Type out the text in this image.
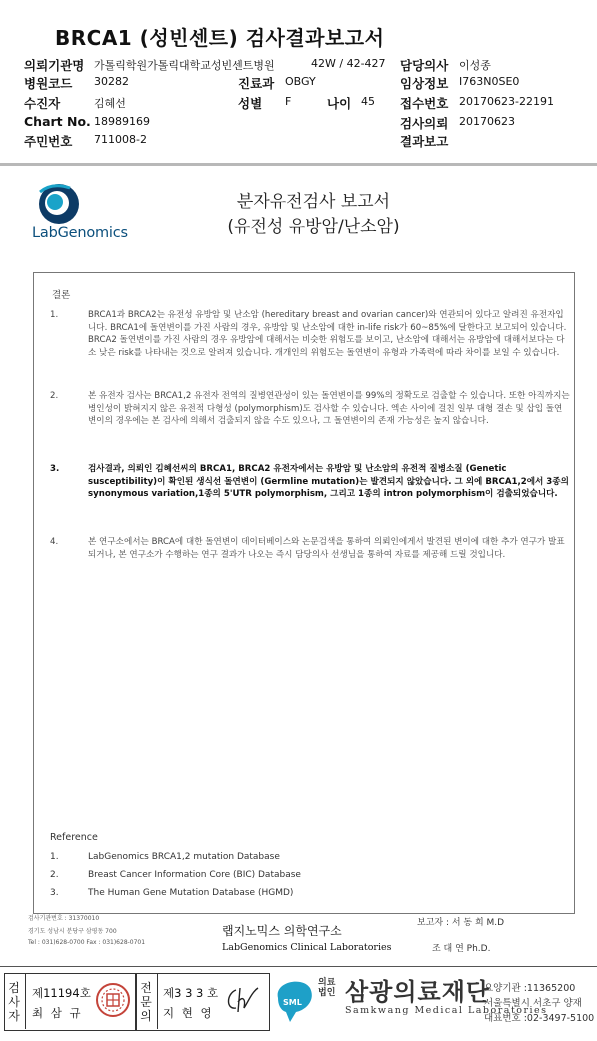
BRCA1 (성빈센트) 검사결과보고서
의뢰기관명 가톨릭학원가톨릭대학교성빈센트병원	42W / 42-427 담당의사 이성종
병원코드 30282	진료과 OBGY	임상정보 I763N0SE0
수진자	김혜선	성별 F	나이 45 접수번호 20170623-22191
Chart No. 18989169	검사의뢰 20170623
주민번호 711008-2	결과보고
LabGenomics
분자유전검사 보고서
(유전성 유방암/난소암)
결론
1.	BRCA1과 BRCA2는 유전성 유방암 및 난소암 (hereditary breast and ovarian cancer)와 연관되어 있다고 알려진 유전자입니다. BRCA1에 돌연변이를 가진 사람의 경우, 유방암 및 난소암에 대한 in-life risk가 60~85%에 달한다고 보고되어 있습니다. BRCA2 돌연변이를 가진 사람의 경우 유방암에 대해서는 비슷한 위험도를 보이고, 난소암에 대해서는 유방암에 대해서보다는 다소 낮은 risk를 나타내는 것으로 알려져 있습니다. 개개인의 위험도는 돌연변이 유형과 가족력에 따라 차이를 보일 수 있습니다.
2.	본 유전자 검사는 BRCA1,2 유전자 전역의 질병연관성이 있는 돌연변이를 99%의 정확도로 검출할 수 있습니다. 또한 아직까지는 병인성이 밝혀지지 않은 유전적 다형성 (polymorphism)도 검사할 수 있습니다. 엑손 사이에 걸친 일부 대형 결손 및 삽입 돌연변이의 경우에는 본 검사에 의해서 검출되지 않을 수도 있으나, 그 돌연변이의 존재 가능성은 높지 않습니다.
3.	검사결과, 의뢰인 김혜선씨의 BRCA1, BRCA2 유전자에서는 유방암 및 난소암의 유전적 질병소질 (Genetic susceptibility)이 확인된 생식선 돌연변이 (Germline mutation)는 발견되지 않았습니다. 그 외에 BRCA1,2에서 3종의 synonymous variation,1종의 5'UTR polymorphism, 그리고 1종의 intron polymorphism이 검출되었습니다.
4.	본 연구소에서는 BRCA에 대한 돌연변이 데이터베이스와 논문검색을 통하여 의뢰인에게서 발견된 변이에 대한 추가 연구가 발표되거나, 본 연구소가 수행하는 연구 결과가 나오는 즉시 담당의사 선생님을 통하여 자료를 제공해 드릴 것입니다.
Reference
1.	LabGenomics BRCA1,2 mutation Database
2.	Breast Cancer Information Core (BIC) Database
3.	The Human Gene Mutation Database (HGMD)
검사기관번호 : 31370010
경기도 성남시 분당구 삼평동 700
Tel : 031)628-0700 Fax : 031)628-0701
랩지노믹스 의학연구소
LabGenomics Clinical Laboratories
보고자 : 서 동 희 M.D
조 대 연 Ph.D.
검사자
제11194호
최 삼 규
전문의
제3 3 3 호
지 현 영
SML
의료법인 삼광의료재단
Samkwang Medical Laboratories
요양기관 :11365200
서울특별시 서초구 양재
대표번호 :02-3497-5100
